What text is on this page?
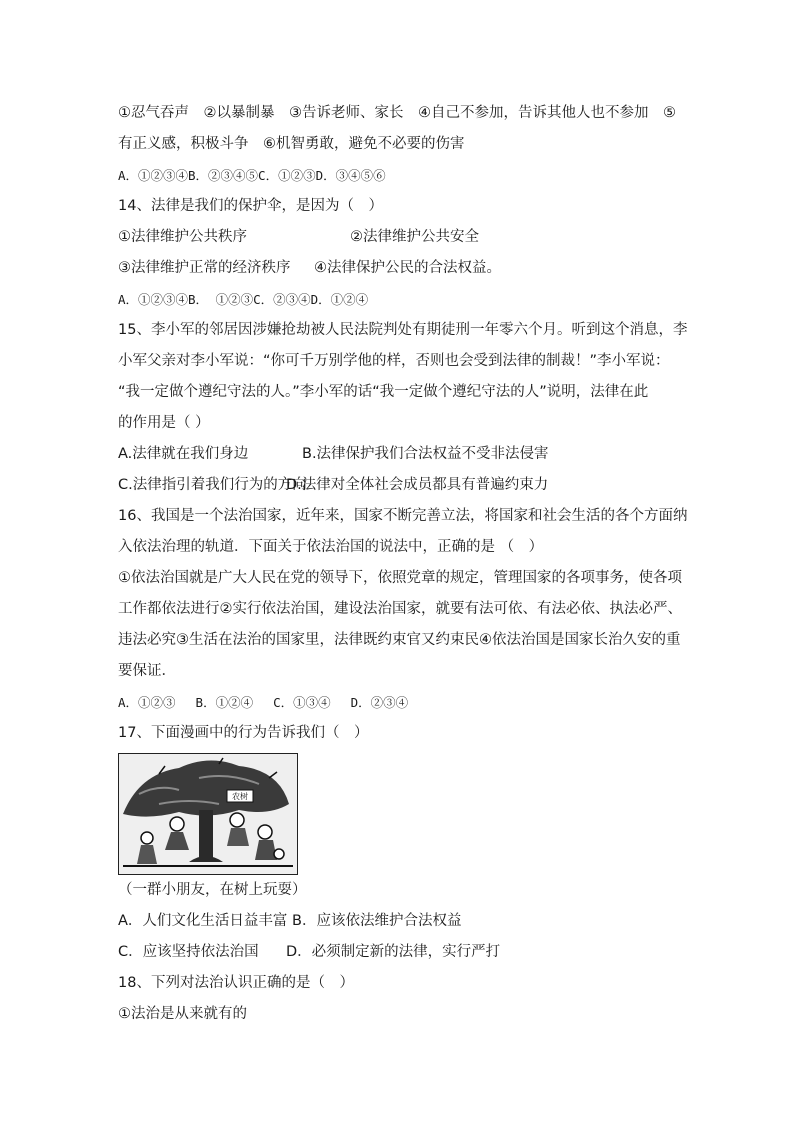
①忍气吞声　②以暴制暴　③告诉老师、家长　④自己不参加，告诉其他人也不参加　⑤
有正义感，积极斗争　⑥机智勇敢，避免不必要的伤害
A．①②③④B．②③④⑤C．①②③D．③④⑤⑥
14、法律是我们的保护伞，是因为（　）
①法律维护公共秩序	②法律维护公共安全
③法律维护正常的经济秩序 ④法律保护公民的合法权益。
A．①②③④B． ①②③C．②③④D．①②④
15、李小军的邻居因涉嫌抢劫被人民法院判处有期徒刑一年零六个月。听到这个消息，李
小军父亲对李小军说：“你可千万别学他的样，否则也会受到法律的制裁！”李小军说：
“我一定做个遵纪守法的人。”李小军的话“我一定做个遵纪守法的人”说明，法律在此
的作用是（ ）
A.法律就在我们身边	B.法律保护我们合法权益不受非法侵害
C.法律指引着我们行为的方向D.法律对全体社会成员都具有普遍约束力
16、我国是一个法治国家，近年来，国家不断完善立法，将国家和社会生活的各个方面纳
入依法治理的轨道．下面关于依法治国的说法中，正确的是 （　）
①依法治国就是广大人民在党的领导下，依照党章的规定，管理国家的各项事务，使各项
工作都依法进行②实行依法治国，建设法治国家，就要有法可依、有法必依、执法必严、
违法必究③生活在法治的国家里，法律既约束官又约束民④依法治国是国家长治久安的重
要保证．
A．①②③　 B．①②④　 C．①③④　 D．②③④
17、下面漫画中的行为告诉我们（　）
农树
（一群小朋友，在树上玩耍）
A．人们文化生活日益丰富 B．应该依法维护合法权益
C．应该坚持依法治国 D．必须制定新的法律，实行严打
18、下列对法治认识正确的是（　）
①法治是从来就有的
